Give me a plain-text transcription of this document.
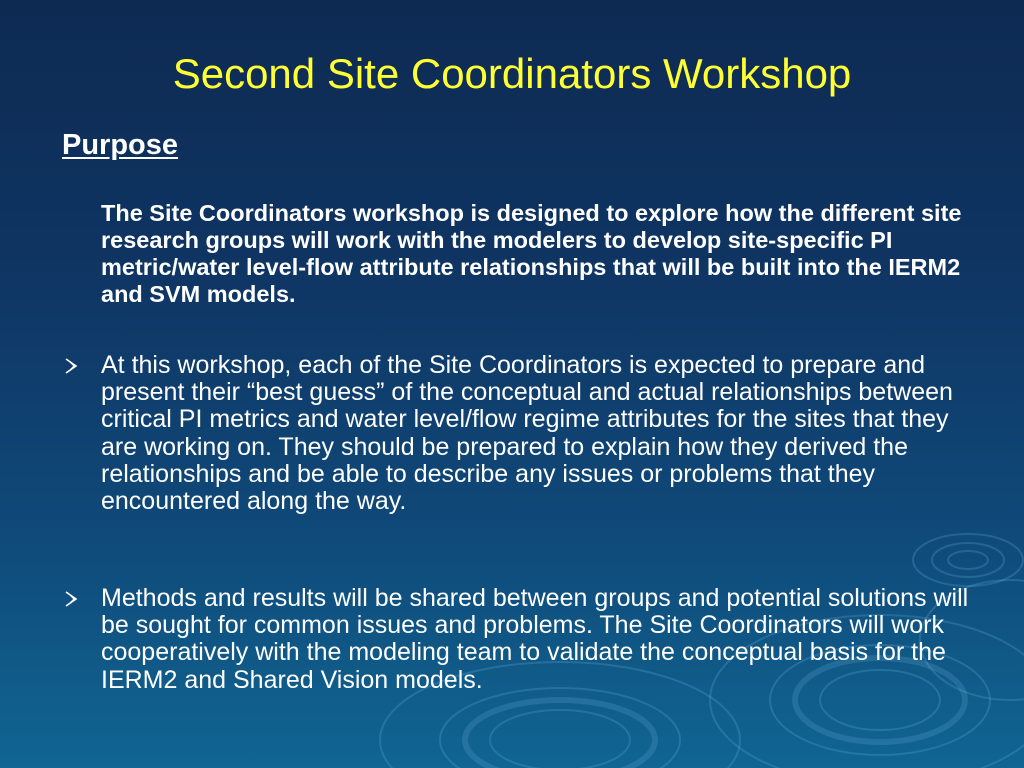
Second Site Coordinators Workshop
Purpose

The Site Coordinators workshop is designed to explore how the different site research groups will work with the modelers to develop site-specific PI metric/water level-flow attribute relationships that will be built into the IERM2 and SVM models.

At this workshop, each of the Site Coordinators is expected to prepare and present their “best guess” of the conceptual and actual relationships between critical PI metrics and water level/flow regime attributes for the sites that they are working on. They should be prepared to explain how they derived the relationships and be able to describe any issues or problems that they encountered along the way.

Methods and results will be shared between groups and potential solutions will be sought for common issues and problems. The Site Coordinators will work cooperatively with the modeling team to validate the conceptual basis for the IERM2 and Shared Vision models.
